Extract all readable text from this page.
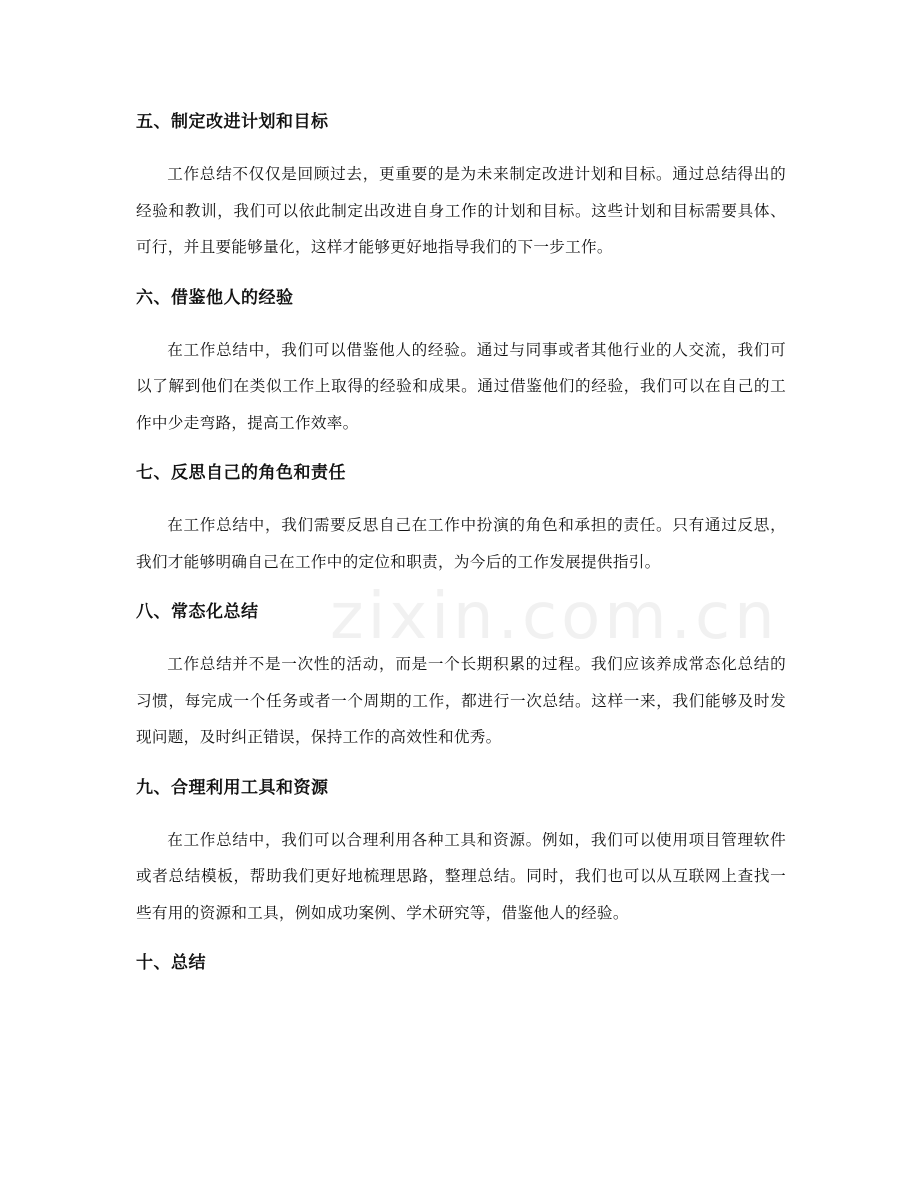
五、制定改进计划和目标

工作总结不仅仅是回顾过去，更重要的是为未来制定改进计划和目标。通过总结得出的经验和教训，我们可以依此制定出改进自身工作的计划和目标。这些计划和目标需要具体、可行，并且要能够量化，这样才能够更好地指导我们的下一步工作。

六、借鉴他人的经验

在工作总结中，我们可以借鉴他人的经验。通过与同事或者其他行业的人交流，我们可以了解到他们在类似工作上取得的经验和成果。通过借鉴他们的经验，我们可以在自己的工作中少走弯路，提高工作效率。

七、反思自己的角色和责任

在工作总结中，我们需要反思自己在工作中扮演的角色和承担的责任。只有通过反思，我们才能够明确自己在工作中的定位和职责，为今后的工作发展提供指引。

八、常态化总结

工作总结并不是一次性的活动，而是一个长期积累的过程。我们应该养成常态化总结的习惯，每完成一个任务或者一个周期的工作，都进行一次总结。这样一来，我们能够及时发现问题，及时纠正错误，保持工作的高效性和优秀。

九、合理利用工具和资源

在工作总结中，我们可以合理利用各种工具和资源。例如，我们可以使用项目管理软件或者总结模板，帮助我们更好地梳理思路，整理总结。同时，我们也可以从互联网上查找一些有用的资源和工具，例如成功案例、学术研究等，借鉴他人的经验。

十、总结
zixin.com.cn
